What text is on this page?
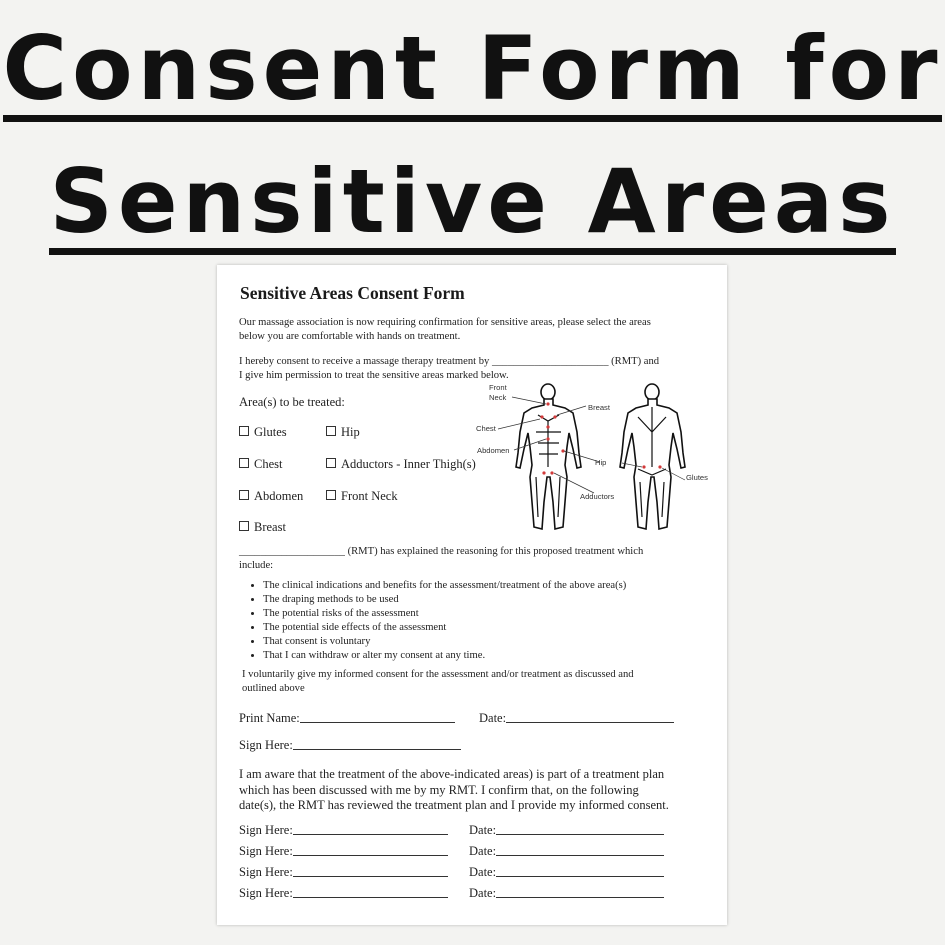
Consent Form for
Sensitive Areas
Sensitive Areas Consent Form
Our massage association is now requiring confirmation for sensitive areas, please select the areas
below you are comfortable with hands on treatment.
I hereby consent to receive a massage therapy treatment by ______________________ (RMT) and
I give him permission to treat the sensitive areas marked below.
Area(s) to be treated:
Glutes	Hip
Chest	Adductors - Inner Thigh(s)
Abdomen	Front Neck
Breast
Front
Neck
Breast
Chest
Abdomen
Hip
Adductors
Glutes
____________________ (RMT) has explained the reasoning for this proposed treatment which
include:
• The clinical indications and benefits for the assessment/treatment of the above area(s)
• The draping methods to be used
• The potential risks of the assessment
• The potential side effects of the assessment
• That consent is voluntary
• That I can withdraw or alter my consent at any time.
I voluntarily give my informed consent for the assessment and/or treatment as discussed and
outlined above
Print Name:	Date:
Sign Here:
I am aware that the treatment of the above-indicated areas) is part of a treatment plan
which has been discussed with me by my RMT. I confirm that, on the following
date(s), the RMT has reviewed the treatment plan and I provide my informed consent.
Sign Here:	Date:
Sign Here:	Date:
Sign Here:	Date:
Sign Here:	Date:
